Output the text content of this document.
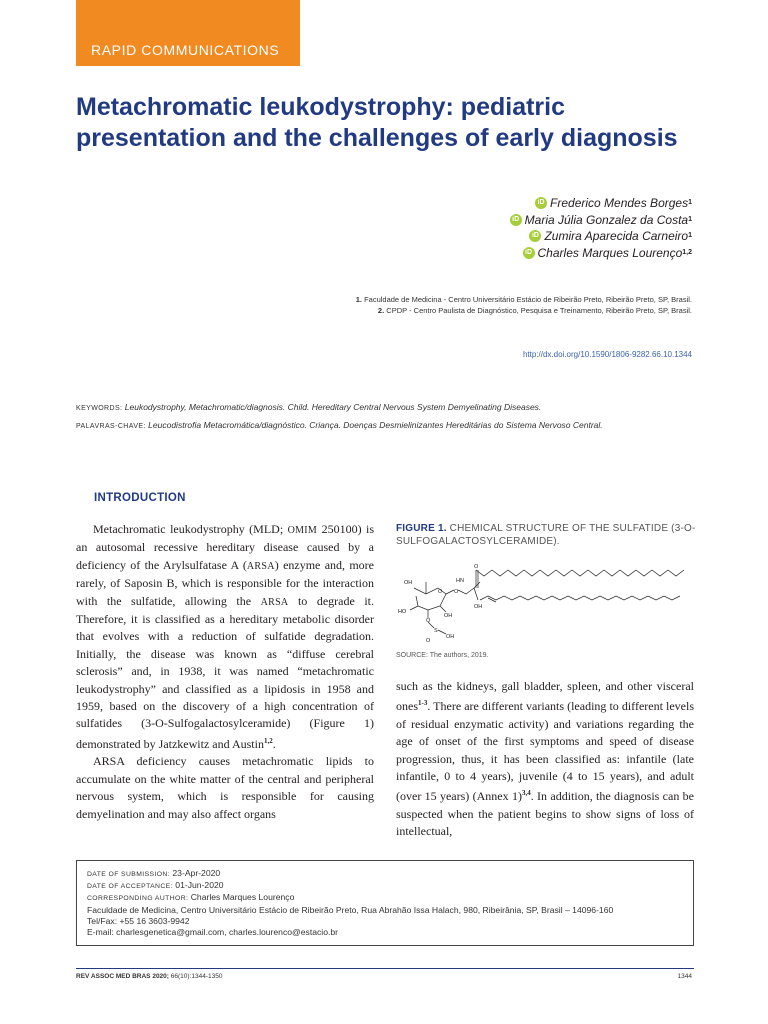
RAPID COMMUNICATIONS
Metachromatic leukodystrophy: pediatric
presentation and the challenges of early diagnosis
iD Frederico Mendes Borges 1
iD Maria Júlia Gonzalez da Costa 1
iD Zumira Aparecida Carneiro 1
iD Charles Marques Lourenço 1,2
1. Faculdade de Medicina - Centro Universitário Estácio de Ribeirão Preto, Ribeirão Preto, SP, Brasil.
2. CPDP - Centro Paulista de Diagnóstico, Pesquisa e Treinamento, Ribeirão Preto, SP, Brasil.
http://dx.doi.org/10.1590/1806-9282.66.10.1344
KEYWORDS: Leukodystrophy, Metachromatic/diagnosis. Child. Hereditary Central Nervous System Demyelinating Diseases.
PALAVRAS-CHAVE: Leucodistrofia Metacromática/diagnóstico. Criança. Doenças Desmielinizantes Hereditárias do Sistema Nervoso Central.
INTRODUCTION

Metachromatic leukodystrophy (MLD; OMIM 250100) is an autosomal recessive hereditary disease caused by a deficiency of the Arylsulfatase A (ARSA) enzyme and, more rarely, of Saposin B, which is responsible for the interaction with the sulfatide, allowing the ARSA to degrade it. Therefore, it is classified as a hereditary metabolic disorder that evolves with a reduction of sulfatide degradation. Initially, the disease was known as “diffuse cerebral sclerosis” and, in 1938, it was named “metachromatic leukodystrophy” and classified as a lipidosis in 1958 and 1959, based on the discovery of a high concentration of sulfatides (3-O-Sulfogalactosylceramide) (Figure 1) demonstrated by Jatzkewitz and Austin$^{1,2}$.

ARSA deficiency causes metachromatic lipids to accumulate on the white matter of the central and peripheral nervous system, which is responsible for causing demyelination and may also affect organs

FIGURE 1. CHEMICAL STRUCTURE OF THE SULFATIDE (3-O-SULFOGALACTOSYLCERAMIDE).
OH	HN
O
HO
OH
OH
O O
O
S
O
OH
SOURCE: The authors, 2019.

such as the kidneys, gall bladder, spleen, and other visceral ones$^{1-3}$. There are different variants (leading to different levels of residual enzymatic activity) and variations regarding the age of onset of the first symptoms and speed of disease progression, thus, it has been classified as: infantile (late infantile, 0 to 4 years), juvenile (4 to 15 years), and adult (over 15 years) (Annex 1)$^{3,4}$. In addition, the diagnosis can be suspected when the patient begins to show signs of loss of intellectual,

DATE OF SUBMISSION: 23-Apr-2020
DATE OF ACCEPTANCE: 01-Jun-2020
CORRESPONDING AUTHOR: Charles Marques Lourenço
Faculdade de Medicina, Centro Universitário Estácio de Ribeirão Preto, Rua Abrahão Issa Halach, 980, Ribeirânia, SP, Brasil – 14096-160
Tel/Fax: +55 16 3603-9942
E-mail: charlesgenetica@gmail.com, charles.lourenco@estacio.br
REV ASSOC MED BRAS 2020; 66(10):1344-1350	1344
